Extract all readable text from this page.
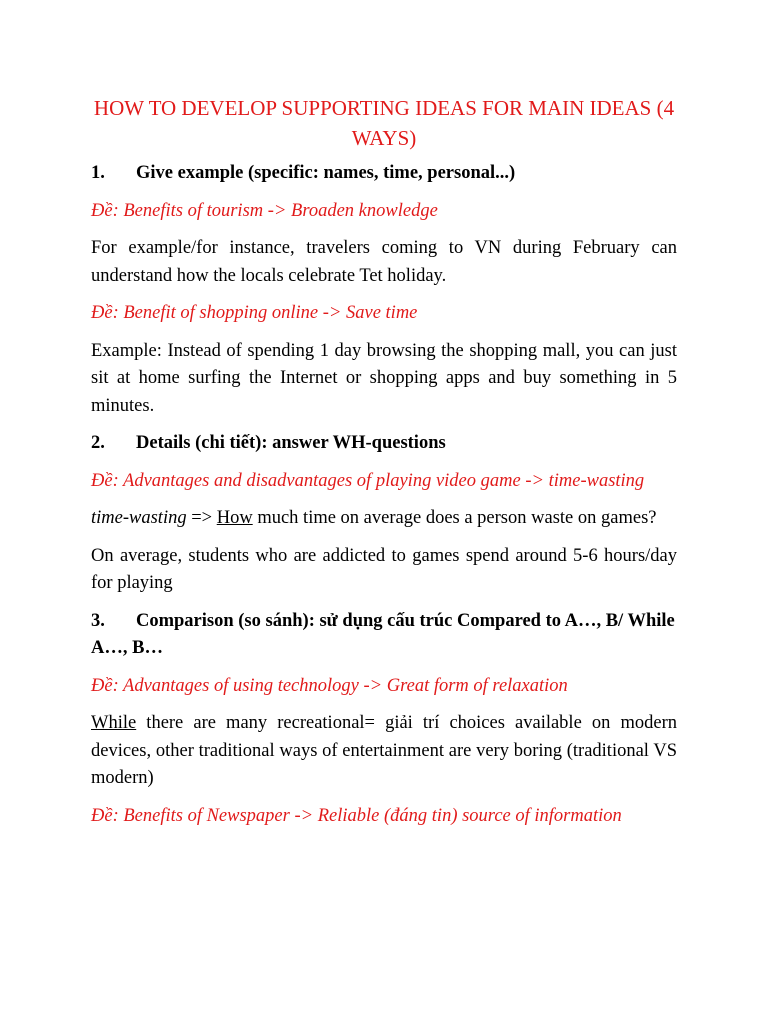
HOW TO DEVELOP SUPPORTING IDEAS FOR MAIN IDEAS (4 WAYS)
1. Give example (specific: names, time, personal...)
Đề: Benefits of tourism -> Broaden knowledge
For example/for instance, travelers coming to VN during February can understand how the locals celebrate Tet holiday.
Đề: Benefit of shopping online -> Save time
Example: Instead of spending 1 day browsing the shopping mall, you can just sit at home surfing the Internet or shopping apps and buy something in 5 minutes.
2. Details (chi tiết): answer WH-questions
Đề: Advantages and disadvantages of playing video game -> time-wasting
time-wasting => How much time on average does a person waste on games?
On average, students who are addicted to games spend around 5-6 hours/day for playing
3. Comparison (so sánh): sử dụng cấu trúc Compared to A…, B/ While A…, B…
Đề: Advantages of using technology -> Great form of relaxation
While there are many recreational= giải trí choices available on modern devices, other traditional ways of entertainment are very boring (traditional VS modern)
Đề: Benefits of Newspaper -> Reliable (đáng tin) source of information
